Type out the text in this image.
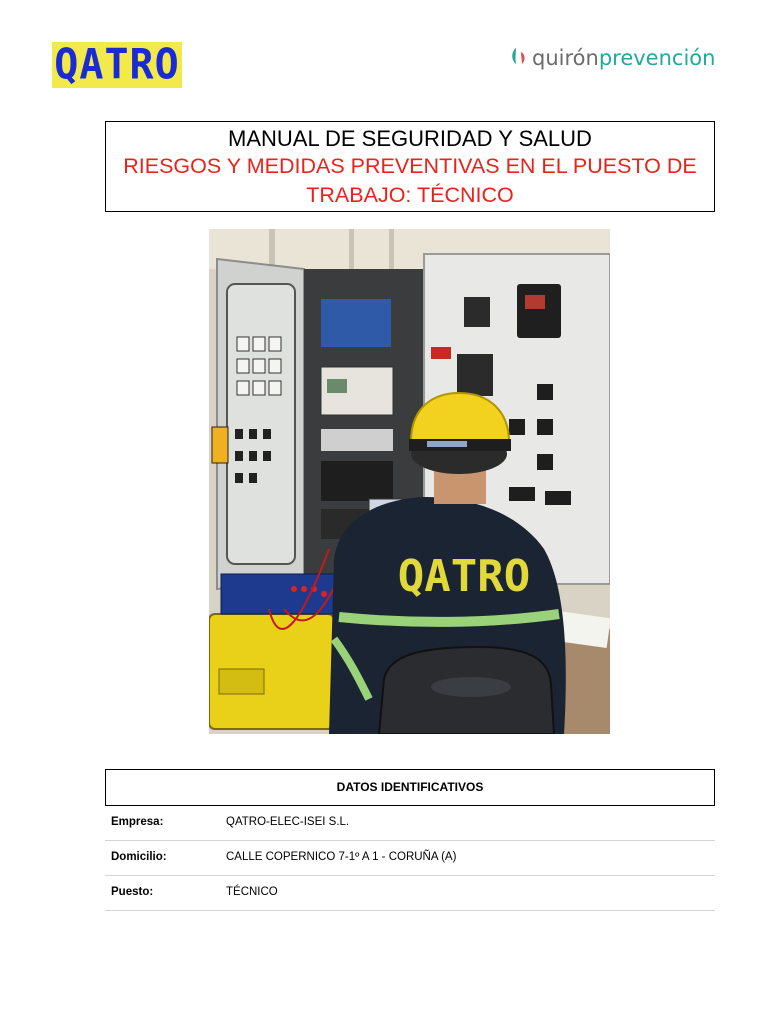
QATRO	quirón prevención
MANUAL DE SEGURIDAD Y SALUD
RIESGOS Y MEDIDAS PREVENTIVAS EN EL PUESTO DE
TRABAJO: TÉCNICO
QATRO
DATOS IDENTIFICATIVOS
Empresa:	QATRO-ELEC-ISEI S.L.
Domicilio:	CALLE COPERNICO 7-1º A 1 - CORUÑA (A)
Puesto:	TÉCNICO
